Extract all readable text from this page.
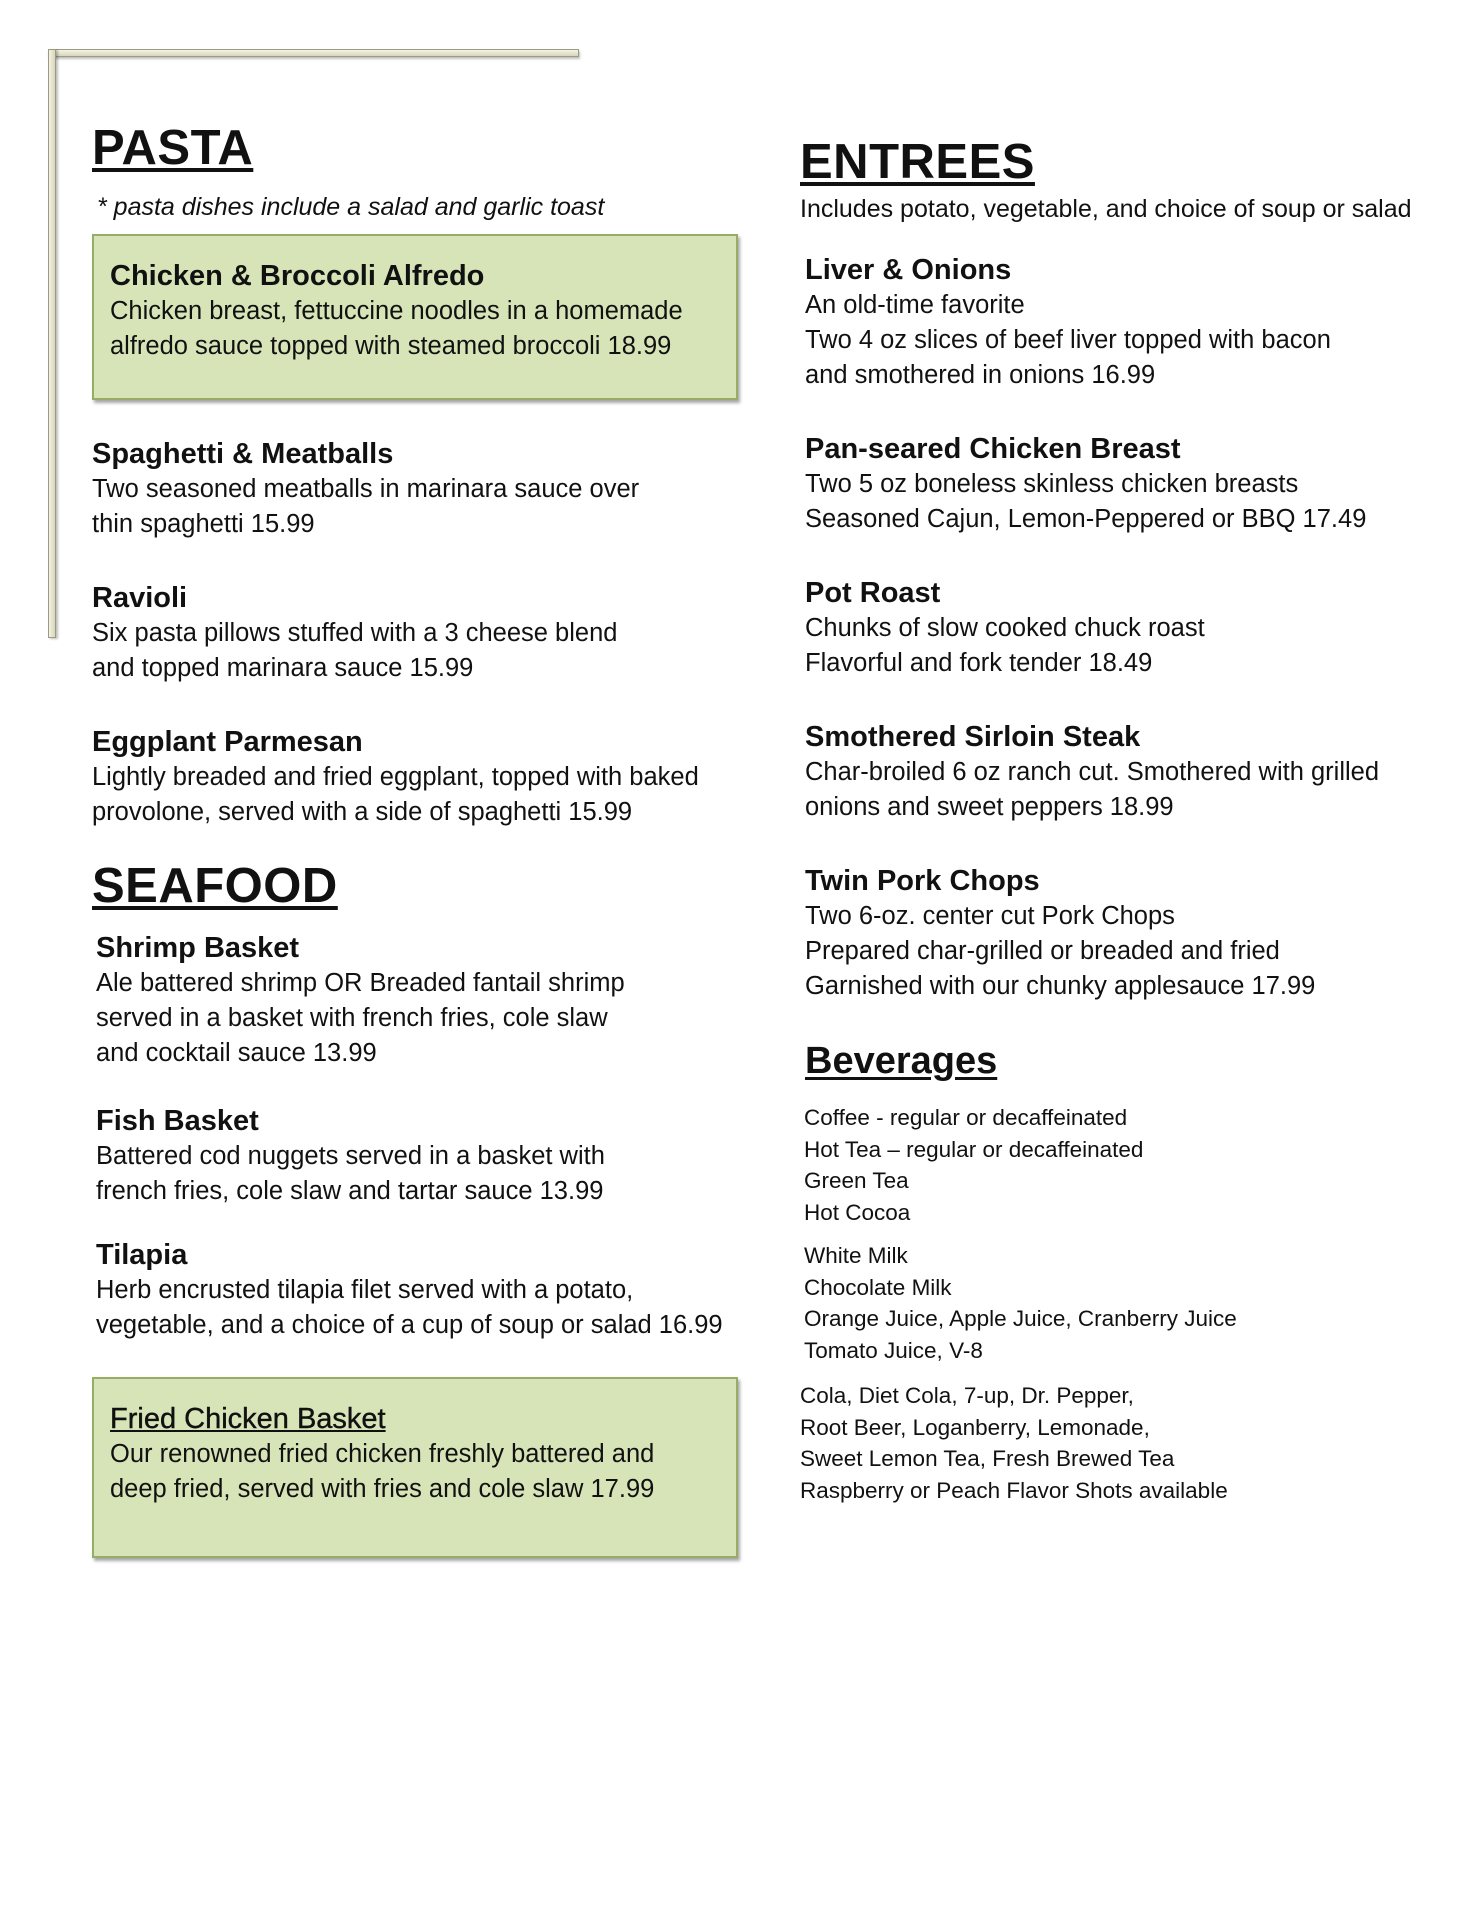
PASTA
* pasta dishes include a salad and garlic toast
Chicken & Broccoli Alfredo
Chicken breast, fettuccine noodles in a homemade
alfredo sauce topped with steamed broccoli 18.99
Spaghetti & Meatballs
Two seasoned meatballs in marinara sauce over
thin spaghetti 15.99
Ravioli
Six pasta pillows stuffed with a 3 cheese blend
and topped marinara sauce 15.99
Eggplant Parmesan
Lightly breaded and fried eggplant, topped with baked
provolone, served with a side of spaghetti 15.99
SEAFOOD
Shrimp Basket
Ale battered shrimp OR Breaded fantail shrimp
served in a basket with french fries, cole slaw
and cocktail sauce 13.99
Fish Basket
Battered cod nuggets served in a basket with
french fries, cole slaw and tartar sauce 13.99
Tilapia
Herb encrusted tilapia filet served with a potato,
vegetable, and a choice of a cup of soup or salad 16.99
Fried Chicken Basket
Our renowned fried chicken freshly battered and
deep fried, served with fries and cole slaw 17.99
ENTREES
Includes potato, vegetable, and choice of soup or salad
Liver & Onions
An old-time favorite
Two 4 oz slices of beef liver topped with bacon
and smothered in onions 16.99
Pan-seared Chicken Breast
Two 5 oz boneless skinless chicken breasts
Seasoned Cajun, Lemon-Peppered or BBQ 17.49
Pot Roast
Chunks of slow cooked chuck roast
Flavorful and fork tender 18.49
Smothered Sirloin Steak
Char-broiled 6 oz ranch cut. Smothered with grilled
onions and sweet peppers 18.99
Twin Pork Chops
Two 6-oz. center cut Pork Chops
Prepared char-grilled or breaded and fried
Garnished with our chunky applesauce 17.99
Beverages
Coffee - regular or decaffeinated
Hot Tea – regular or decaffeinated
Green Tea
Hot Cocoa
White Milk
Chocolate Milk
Orange Juice, Apple Juice, Cranberry Juice
Tomato Juice, V-8
Cola, Diet Cola, 7-up, Dr. Pepper,
Root Beer, Loganberry, Lemonade,
Sweet Lemon Tea, Fresh Brewed Tea
Raspberry or Peach Flavor Shots available
